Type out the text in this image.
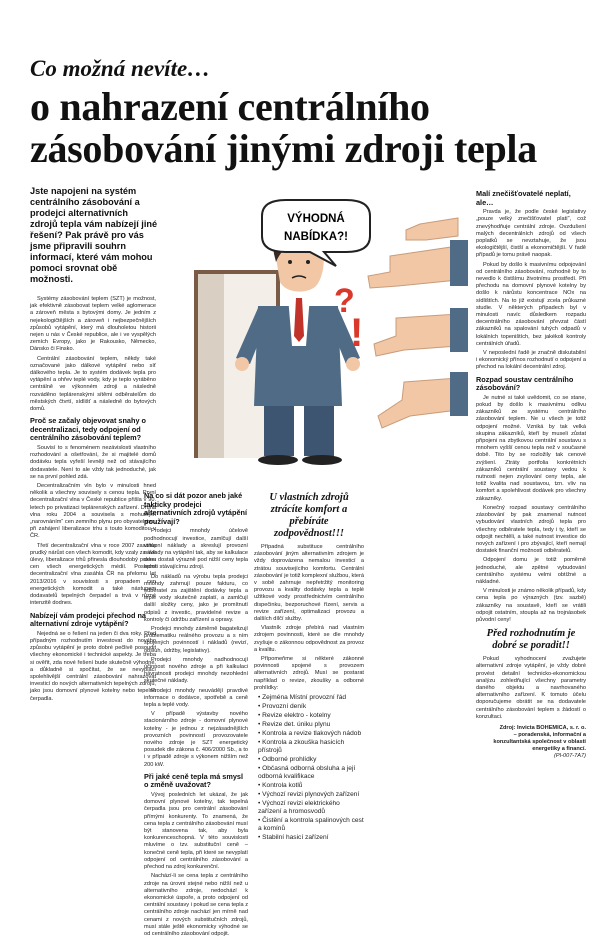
Co možná nevíte…
o nahrazení centrálního zásobování jinými zdroji tepla
Jste napojeni na systém centrálního zásobování a prodejci alternativních zdrojů tepla vám nabízejí jiné řešení? Pak právě pro vás jsme připravili souhrn informací, které vám mohou pomoci srovnat obě možnosti.
VÝHODNÁ
NABÍDKA?!
?
!

Systémy zásobování teplem (SZT) je možnost, jak efektivně zásobovat teplem velké aglomerace a zároveň města s bytovými domy. Je jedním z nejekologičtějších a zároveň i nejbezpečnějších způsobů vytápění, který má dlouholetou historii nejen u nás v České republice, ale i ve vyspělých zemích Evropy, jako je Rakousko, Německo, Dánsko či Finsko.

Centrální zásobování teplem, někdy také označované jako dálkové vytápění nebo síť dálkového tepla. Je to systém dodávek tepla pro vytápění a ohřev teplé vody, kdy je teplo vyráběno centrálně ve výkonném zdroji a následně rozváděno teplárenskými sítěmi odběratelům do městských čtvrtí, sídlišť a následně do bytových domů.

Proč se začaly objevovat snahy o decentralizaci, tedy odpojení od centrálního zásobování teplem?

Souvisí to s fenoménem nezávislosti vlastního rozhodování a ošetřování, že si majitelé domů dodávku tepla vyřeší levněji než od stávajícího dodavatele. Není to ale vždy tak jednoduché, jak se na první pohled zdá.

Decentralizačním vln bylo v minulosti hned několik a všechny souvisely s cenou tepla. První decentralizační vlna v České republice přišla v 90. letech po privatizaci teplárenských zařízení. Druhá vlna roku 2004 a souvisela s mohutným „narovnáním“ cen zemního plynu pro obyvatelstvo, při zahájení liberalizace trhu s touto komoditou v ČR.

Třetí decentralizační vlna v roce 2007 zasáhla prudký nárůst cen všech komodit, kdy vzaly za své úlevy, liberalizace trhů přinesla dlouhodobý pokles cen všech energetických médií. Poslední decentralizační vlna zasáhla ČR na přelomu let 2013/2016 v souvislosti s propadem cen energetických komodit a také nástupem dodavatelů tepelných čerpadel a trvá v různé intenzitě dodnes.

Nabízejí vám prodejci přechod na alternativní zdroje vytápění?

Nejedná se o řešení na jeden či dva roky. Před případným rozhodnutím investovat do nového způsobu vytápění je proto dobré pečlivě posoudit všechny ekonomické i technické aspekty. Je třeba si ověřit, zda nové řešení bude skutečně výhodné, a důkladně si spočítat, že se nevyplácí spolehlivější centrální zásobování nahrazovat investicí do nových alternativních tepelných zdrojů, jako jsou domovní plynové kotelny nebo tepelná čerpadla.

Na co si dát pozor aneb jaké takticky prodejci alternativních zdrojů vytápění používají?

Prodejci mnohdy účelově podhodnocují investice, zamlčují další vstupní náklady a skreslují provozní náklady na vytápění tak, aby se kalkulace cenu dostali výrazně pod nižší ceny tepla oproti stávajícímu zdroji.

Do nákladů na výrobu tepla prodejci mnohdy zahrnují pouze fakturu, co odběratel za zajištění dodávky tepla a teplé vody skutečně zaplatí, a zamlčují další složky ceny, jako je promítnutí odpisů z investic, pravidelné revize a kontroly či údržbu zařízení a opravy.

Prodejci mnohdy záměrně bagatelizují problematiku reálného provozu a s ním spojených povinností i nákladů (revizí, obsluh, údržby, legislativy).

Prodejci mnohdy nadhodnocují účinnost nového zdroje a při kalkulaci návratnosti prodejci mnohdy nezohlední skutečné náklady.

Prodejci mnohdy neuvádějí pravdivé informace o dodávce, spotřebě a ceně tepla a teplé vody.

V případě výstavby nového stacionárního zdroje - domovní plynové kotelny - je jednou z nejzásadnějších provozních povinností provozovatele nového zdroje je SZT energetický posudek dle zákona č. 406/2000 Sb., a to i v případě zdroje s výkonem nižším než 200 kW.

Při jaké ceně tepla má smysl o změně uvažovat?

Vývoj posledních let ukázal, že jak domovní plynové kotelny, tak tepelná čerpadla jsou pro centrální zásobování přímými konkurenty. To znamená, že cena tepla z centrálního zásobování musí být stanovena tak, aby byla konkurenceschopná. V této souvislosti mluvíme o tzv. substituční ceně – konečné ceně tepla, při které se nevyplatí odpojení od centrálního zásobování a přechod na zdroj konkurenční.

Nachází-li se cena tepla z centrálního zdroje na úrovni stejné nebo nižší než u alternativního zdroje, nedochází k ekonomické úspoře, a proto odpojení od centrální soustavy i pokud se cena tepla z centrálního zdroje nachází jen mírně nad cenami z nových substitučních zdrojů, musí stále ještě ekonomicky výhodné se od centrálního zásobování odpojit.

U vlastních zdrojů ztrácíte komfort a přebíráte zodpovědnost!!!

Případná substituce centrálního zásobování jiným alternativním zdrojem je vždy doprovázena nemalou investicí a ztrátou souvisejícího komfortu. Centrální zásobování je totiž komplexní službou, která v sobě zahrnuje nepřetržitý monitoring provozu a kvality dodávky tepla a teplé užitkové vody prostřednictvím centrálního dispečinku, bezporuchové řízení, servis a revize zařízení, optimalizaci provozu a dalších dílčí služby.

Vlastník zdroje přebírá nad vlastním zdrojem povinnosti, které se dle mnohdy zvyšuje o zákonnou odpovědnost za provoz a kvalitu.

Přípomeňme si některé zákonné povinnosti spojené s provozem alternativních zdrojů. Musí se postarat například o revize, zkoušky a odborné prohlídky:

• Zejména Místní provozní řád
• Provozní deník
• Revize elektro - kotelny
• Revize det. úniku plynu
• Kontrola a revize tlakových nádob
• Kontrola a zkouška hasicích přístrojů
• Odborné prohlídky
• Občasná odborná obsluha a její odborná kvalifikace
• Kontrola kotlů
• Výchozí revizi plynových zařízení
• Výchozí revizi elektrického zařízení a hromosvodů
• Čistění a kontrola spalinových cest a komínů
• Stabilní hasicí zařízení
Malí znečišťovatelé neplatí, ale…

Pravda je, že podle české legislativy „pouze velký znečišťovatel platí“, což znevýhodňuje centrální zdroje. Ovzdušení malých decentrálních zdrojů od všech poplatků se nevztahuje, že jsou ekologičtější, čistší a ekonomičtější. V řadě případů je tomu právě naopak.

Pokud by došlo k masivnímu odpojování od centrálního zásobování, rozhodně by to nevedlo k čistšímu životnímu prostředí. Při přechodu na domovní plynové kotelny by došlo k nárůstu koncentrace NOx na sídlištích. Na to již existují zcela průkazné studie. V některých případech byl v minulosti navíc důsledkem rozpadu decentrálního zásobování převzat částí zákazníků na spalování tuhých odpadů v lokálních topeništích, bez jakékoli kontroly centrálních úřadů.

V neposlední řadě je značně diskutabilní i ekonomický přínos rozhodnutí o odpojení a přechod na lokální decentrální zdroj.

Rozpad soustav centrálního zásobování?

Je nutné si také uvědomit, co se stane, pokud by došlo k masivnímu odlivu zákazníků ze systému centrálního zásobování teplem. Ne u všech je totiž odpojení možné. Vzniká by tak velká skupina zákazníků, kteří by museli zůstat připojeni na zbytkovou centrální soustavu s mnohem vyšší cenou tepla než v současné době. Tito by se rozložily tak cenové zvýšení. Ztráty portfolia konkrétních zákazníků centrální soustavy vedou k nutnosti nejen zvyšování ceny tepla, ale totiž kvalita nad soustavou, tzn. vliv na komfort a spolehlivost dodávek pro všechny zákazníky.

Konečný rozpad soustavy centrálního zásobování by pak znamenal nutnost vybudování vlastních zdrojů tepla pro všechny odběratele tepla, tedy i ty, kteří se odpojit nechtěli, a také nutnost investice do nových zařízení i pro zbývající, kteří nemají dostatek finanční možnosti odběratelů.

Odpojení domu je totiž poměrně jednoduché, ale zpětné vybudování centrálního systému velmi obtížné a nákladné.

V minulosti je známo několik případů, kdy cena tepla po výrazných (tzv. sazbě) zákazníky na soustavě, kteří se vrátili odpojit ostatním, stoupla až na trojnásobek původní ceny!

Před rozhodnutím je dobré se poradit!!

Pokud vyhodnocení zvažujete alternativní zdroje vytápění, je vždy dobré provést detailní technicko-ekonomickou analýzu zohledňující všechny parametry daného objektu a navrhovaného alternativního zařízení. K tomuto účelu doporučujeme obrátit se na dodavatele centrálního zásobování teplem s žádostí o konzultaci.

Zdroj: Invicta BOHEMICA, s. r. o.
– poradenská, informační a konzultantská společnost v oblasti energetiky a financí.
(PI-007-7A7)
